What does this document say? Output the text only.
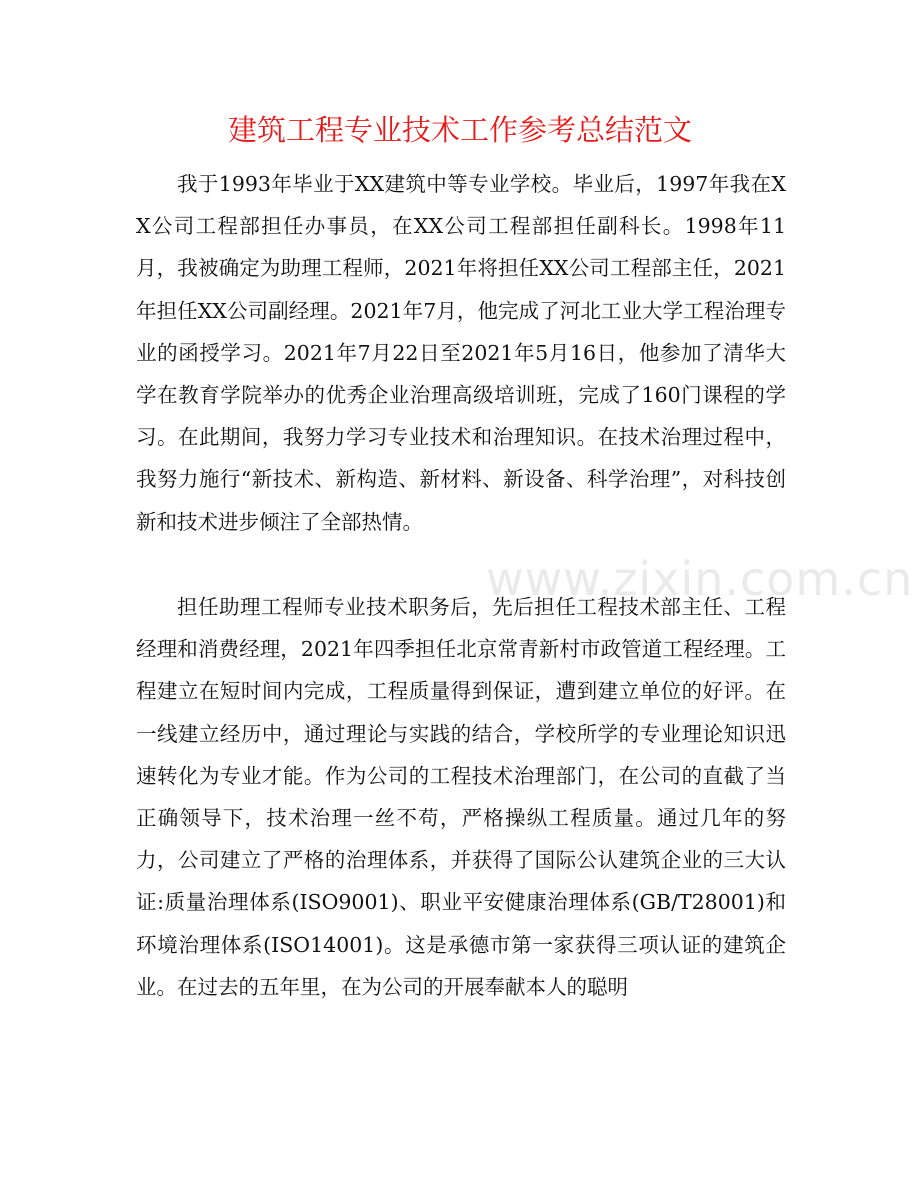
建筑工程专业技术工作参考总结范文

我于1993年毕业于XX建筑中等专业学校。毕业后，1997年我在XX公司工程部担任办事员，在XX公司工程部担任副科长。1998年11月，我被确定为助理工程师，2021年将担任XX公司工程部主任，2021年担任XX公司副经理。2021年7月，他完成了河北工业大学工程治理专业的函授学习。2021年7月22日至2021年5月16日，他参加了清华大学在教育学院举办的优秀企业治理高级培训班，完成了160门课程的学习。在此期间，我努力学习专业技术和治理知识。在技术治理过程中，我努力施行“新技术、新构造、新材料、新设备、科学治理”，对科技创新和技术进步倾注了全部热情。

担任助理工程师专业技术职务后，先后担任工程技术部主任、工程经理和消费经理，2021年四季担任北京常青新村市政管道工程经理。工程建立在短时间内完成，工程质量得到保证，遭到建立单位的好评。在一线建立经历中，通过理论与实践的结合，学校所学的专业理论知识迅速转化为专业才能。作为公司的工程技术治理部门，在公司的直截了当正确领导下，技术治理一丝不苟，严格操纵工程质量。通过几年的努力，公司建立了严格的治理体系，并获得了国际公认建筑企业的三大认证:质量治理体系(ISO9001)、职业平安健康治理体系(GB/T28001)和环境治理体系(ISO14001)。这是承德市第一家获得三项认证的建筑企业。在过去的五年里，在为公司的开展奉献本人的聪明

www.zixin.com.cn
